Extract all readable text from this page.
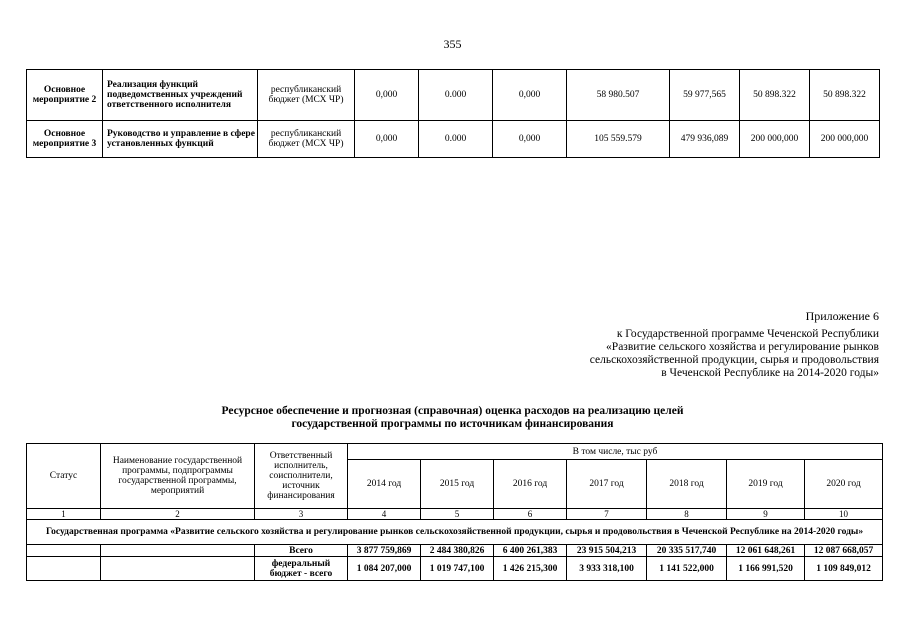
355
Основное мероприятие 2	Реализация функций подведомственных учреждений ответственного исполнителя	республиканский бюджет (МСХ ЧР)	0,000	0.000	0,000	58 980.507	59 977,565	50 898.322	50 898.322
Основное мероприятие 3	Руководство и управление в сфере установленных функций	республиканский бюджет (МСХ ЧР)	0,000	0.000	0,000	105 559.579	479 936,089	200 000,000	200 000,000
Приложение 6
к Государственной программе Чеченской Республики
«Развитие сельского хозяйства и регулирование рынков
сельскохозяйственной продукции, сырья и продовольствия
в Чеченской Республике на 2014-2020 годы»
Ресурсное обеспечение и прогнозная (справочная) оценка расходов на реализацию целей
государственной программы по источникам финансирования
Статус	Наименование государственной программы, подпрограммы государственной программы, мероприятий	Ответственный исполнитель, соисполнители, источник финансирования	В том числе, тыс руб						
			2014 год	2015 год	2016 год	2017 год	2018 год	2019 год	2020 год
1	2	3	4	5	6	7	8	9	10
Государственная программа «Развитие сельского хозяйства и регулирование рынков сельскохозяйственной продукции, сырья и продовольствия в Чеченской Республике на 2014-2020 годы»									
		Всего	3 877 759,869	2 484 380,826	6 400 261,383	23 915 504,213	20 335 517,740	12 061 648,261	12 087 668,057
		федеральный бюджет - всего	1 084 207,000	1 019 747,100	1 426 215,300	3 933 318,100	1 141 522,000	1 166 991,520	1 109 849,012
